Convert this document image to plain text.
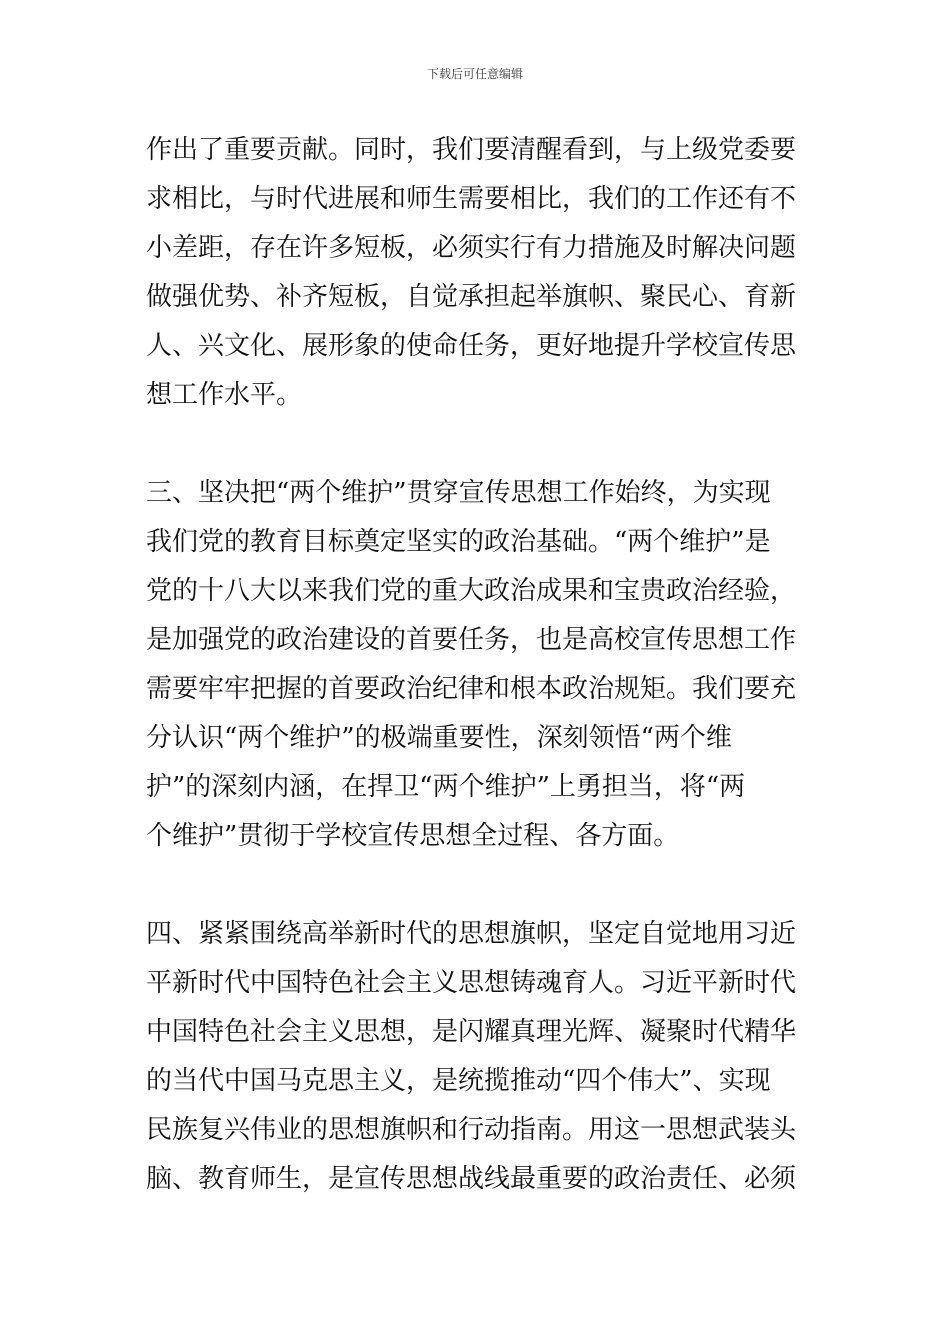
下载后可任意编辑
作出了重要贡献。同时，我们要清醒看到，与上级党委要
求相比，与时代进展和师生需要相比，我们的工作还有不
小差距，存在许多短板，必须实行有力措施及时解决问题
做强优势、补齐短板，自觉承担起举旗帜、聚民心、育新
人、兴文化、展形象的使命任务，更好地提升学校宣传思
想工作水平。
三、坚决把“两个维护”贯穿宣传思想工作始终，为实现
我们党的教育目标奠定坚实的政治基础。“两个维护”是
党的十八大以来我们党的重大政治成果和宝贵政治经验，
是加强党的政治建设的首要任务，也是高校宣传思想工作
需要牢牢把握的首要政治纪律和根本政治规矩。我们要充
分认识“两个维护”的极端重要性，深刻领悟“两个维
护”的深刻内涵，在捍卫“两个维护”上勇担当，将“两
个维护”贯彻于学校宣传思想全过程、各方面。
四、紧紧围绕高举新时代的思想旗帜，坚定自觉地用习近
平新时代中国特色社会主义思想铸魂育人。习近平新时代
中国特色社会主义思想，是闪耀真理光辉、凝聚时代精华
的当代中国马克思主义，是统揽推动“四个伟大”、实现
民族复兴伟业的思想旗帜和行动指南。用这一思想武装头
脑、教育师生，是宣传思想战线最重要的政治责任、必须
